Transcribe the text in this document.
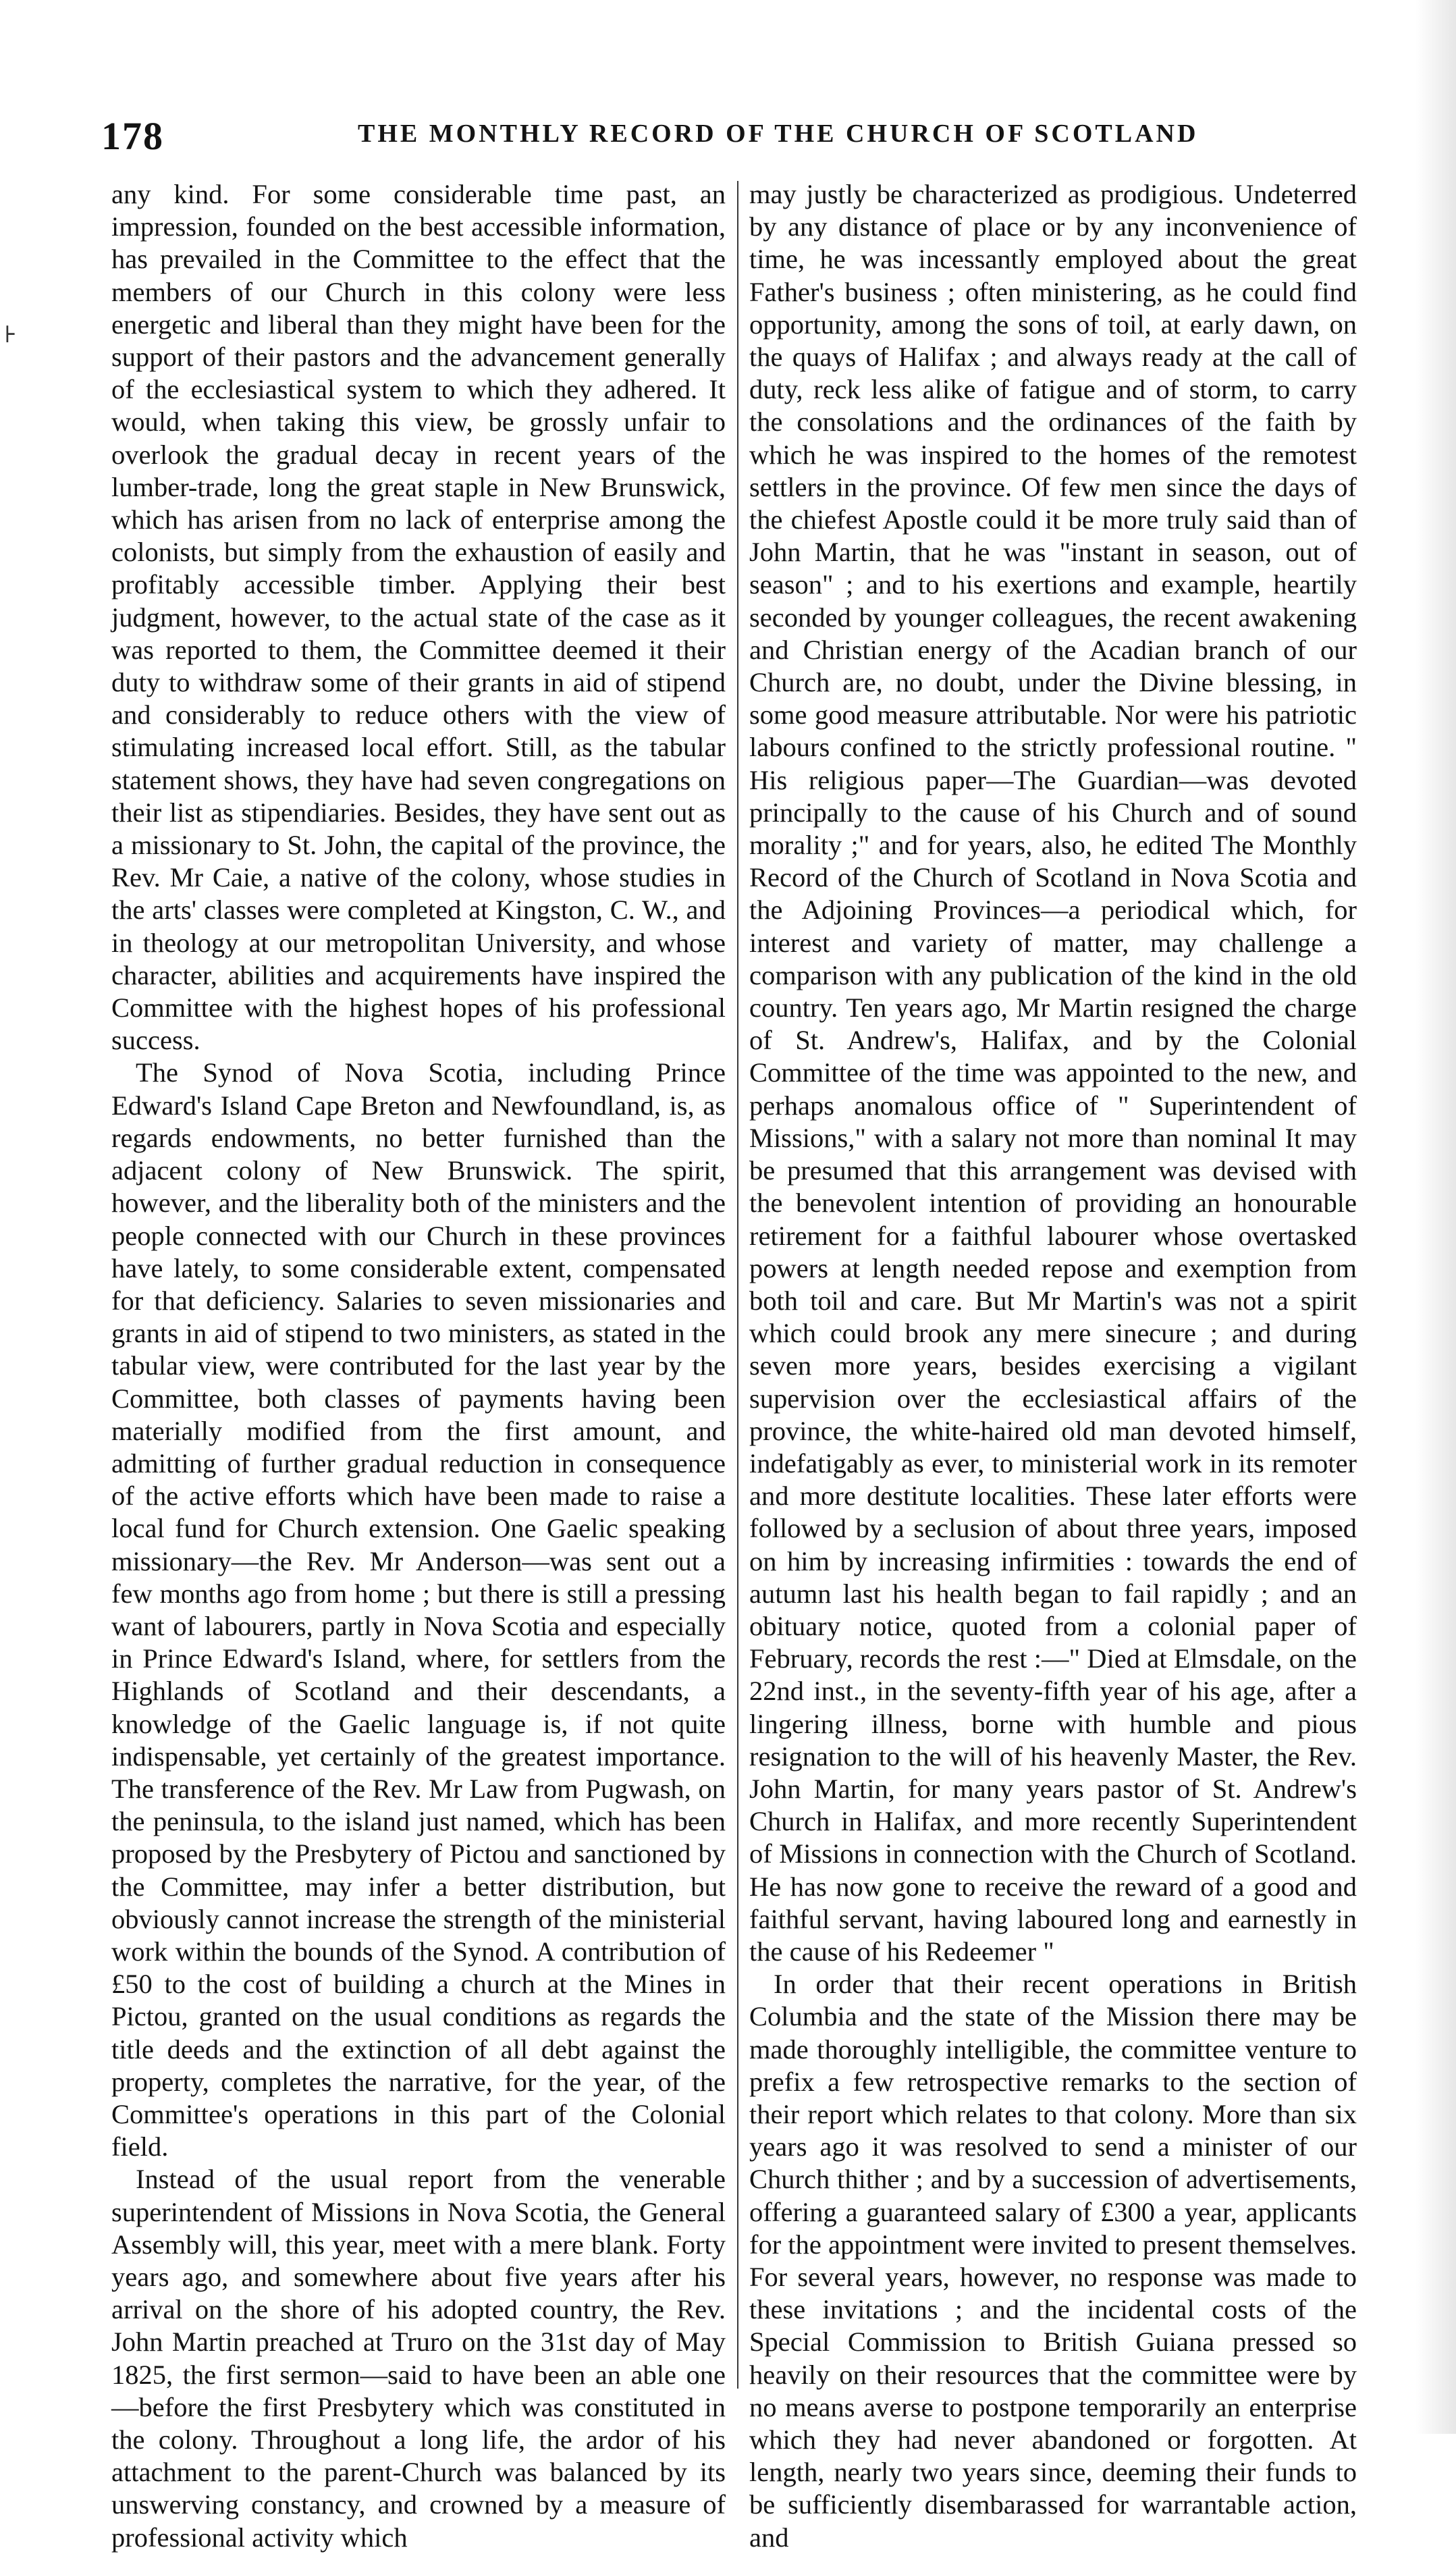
⊦
178	THE MONTHLY RECORD OF THE CHURCH OF SCOTLAND

any kind. For some considerable time past, an impression, founded on the best accessible information, has prevailed in the Committee to the effect that the members of our Church in this colony were less energetic and liberal than they might have been for the support of their pastors and the advancement generally of the ecclesiastical system to which they adhered. It would, when taking this view, be grossly unfair to overlook the gradual decay in recent years of the lumber-trade, long the great staple in New Brunswick, which has arisen from no lack of enterprise among the colonists, but simply from the exhaustion of easily and profitably accessible timber. Applying their best judgment, however, to the actual state of the case as it was reported to them, the Committee deemed it their duty to withdraw some of their grants in aid of stipend and considerably to reduce others with the view of stimulating increased local effort. Still, as the tabular statement shows, they have had seven congregations on their list as stipendiaries. Besides, they have sent out as a missionary to St. John, the capital of the province, the Rev. Mr Caie, a native of the colony, whose studies in the arts' classes were completed at Kingston, C. W., and in theology at our metropolitan University, and whose character, abilities and acquirements have inspired the Committee with the highest hopes of his professional success.

The Synod of Nova Scotia, including Prince Edward's Island Cape Breton and Newfoundland, is, as regards endowments, no better furnished than the adjacent colony of New Brunswick. The spirit, however, and the liberality both of the ministers and the people connected with our Church in these provinces have lately, to some considerable extent, compensated for that deficiency. Salaries to seven missionaries and grants in aid of stipend to two ministers, as stated in the tabular view, were contributed for the last year by the Committee, both classes of payments having been materially modified from the first amount, and admitting of further gradual reduction in consequence of the active efforts which have been made to raise a local fund for Church extension. One Gaelic speaking missionary—the Rev. Mr Anderson—was sent out a few months ago from home ; but there is still a pressing want of labourers, partly in Nova Scotia and especially in Prince Edward's Island, where, for settlers from the Highlands of Scotland and their descendants, a knowledge of the Gaelic language is, if not quite indispensable, yet certainly of the greatest importance. The transference of the Rev. Mr Law from Pugwash, on the peninsula, to the island just named, which has been proposed by the Presbytery of Pictou and sanctioned by the Committee, may infer a better distribution, but obviously cannot increase the strength of the ministerial work within the bounds of the Synod. A contribution of £50 to the cost of building a church at the Mines in Pictou, granted on the usual conditions as regards the title deeds and the extinction of all debt against the property, completes the narrative, for the year, of the Committee's operations in this part of the Colonial field.

Instead of the usual report from the venerable superintendent of Missions in Nova Scotia, the General Assembly will, this year, meet with a mere blank. Forty years ago, and somewhere about five years after his arrival on the shore of his adopted country, the Rev. John Martin preached at Truro on the 31st day of May 1825, the first sermon—said to have been an able one—before the first Presbytery which was constituted in the colony. Throughout a long life, the ardor of his attachment to the parent-Church was balanced by its unswerving constancy, and crowned by a measure of professional activity which

may justly be characterized as prodigious. Undeterred by any distance of place or by any inconvenience of time, he was incessantly employed about the great Father's business ; often ministering, as he could find opportunity, among the sons of toil, at early dawn, on the quays of Halifax ; and always ready at the call of duty, reck less alike of fatigue and of storm, to carry the consolations and the ordinances of the faith by which he was inspired to the homes of the remotest settlers in the province. Of few men since the days of the chiefest Apostle could it be more truly said than of John Martin, that he was "instant in season, out of season" ; and to his exertions and example, heartily seconded by younger colleagues, the recent awakening and Christian energy of the Acadian branch of our Church are, no doubt, under the Divine blessing, in some good measure attributable. Nor were his patriotic labours confined to the strictly professional routine. " His religious paper—The Guardian—was devoted principally to the cause of his Church and of sound morality ;" and for years, also, he edited The Monthly Record of the Church of Scotland in Nova Scotia and the Adjoining Provinces—a periodical which, for interest and variety of matter, may challenge a comparison with any publication of the kind in the old country. Ten years ago, Mr Martin resigned the charge of St. Andrew's, Halifax, and by the Colonial Committee of the time was appointed to the new, and perhaps anomalous office of " Superintendent of Missions," with a salary not more than nominal It may be presumed that this arrangement was devised with the benevolent intention of providing an honourable retirement for a faithful labourer whose overtasked powers at length needed repose and exemption from both toil and care. But Mr Martin's was not a spirit which could brook any mere sinecure ; and during seven more years, besides exercising a vigilant supervision over the ecclesiastical affairs of the province, the white-haired old man devoted himself, indefatigably as ever, to ministerial work in its remoter and more destitute localities. These later efforts were followed by a seclusion of about three years, imposed on him by increasing infirmities : towards the end of autumn last his health began to fail rapidly ; and an obituary notice, quoted from a colonial paper of February, records the rest :—" Died at Elmsdale, on the 22nd inst., in the seventy-fifth year of his age, after a lingering illness, borne with humble and pious resignation to the will of his heavenly Master, the Rev. John Martin, for many years pastor of St. Andrew's Church in Halifax, and more recently Superintendent of Missions in connection with the Church of Scotland. He has now gone to receive the reward of a good and faithful servant, having laboured long and earnestly in the cause of his Redeemer "

In order that their recent operations in British Columbia and the state of the Mission there may be made thoroughly intelligible, the committee venture to prefix a few retrospective remarks to the section of their report which relates to that colony. More than six years ago it was resolved to send a minister of our Church thither ; and by a succession of advertisements, offering a guaranteed salary of £300 a year, applicants for the appointment were invited to present themselves. For several years, however, no response was made to these invitations ; and the incidental costs of the Special Commission to British Guiana pressed so heavily on their resources that the committee were by no means averse to postpone temporarily an enterprise which they had never abandoned or forgotten. At length, nearly two years since, deeming their funds to be sufficiently disembarassed for warrantable action, and
